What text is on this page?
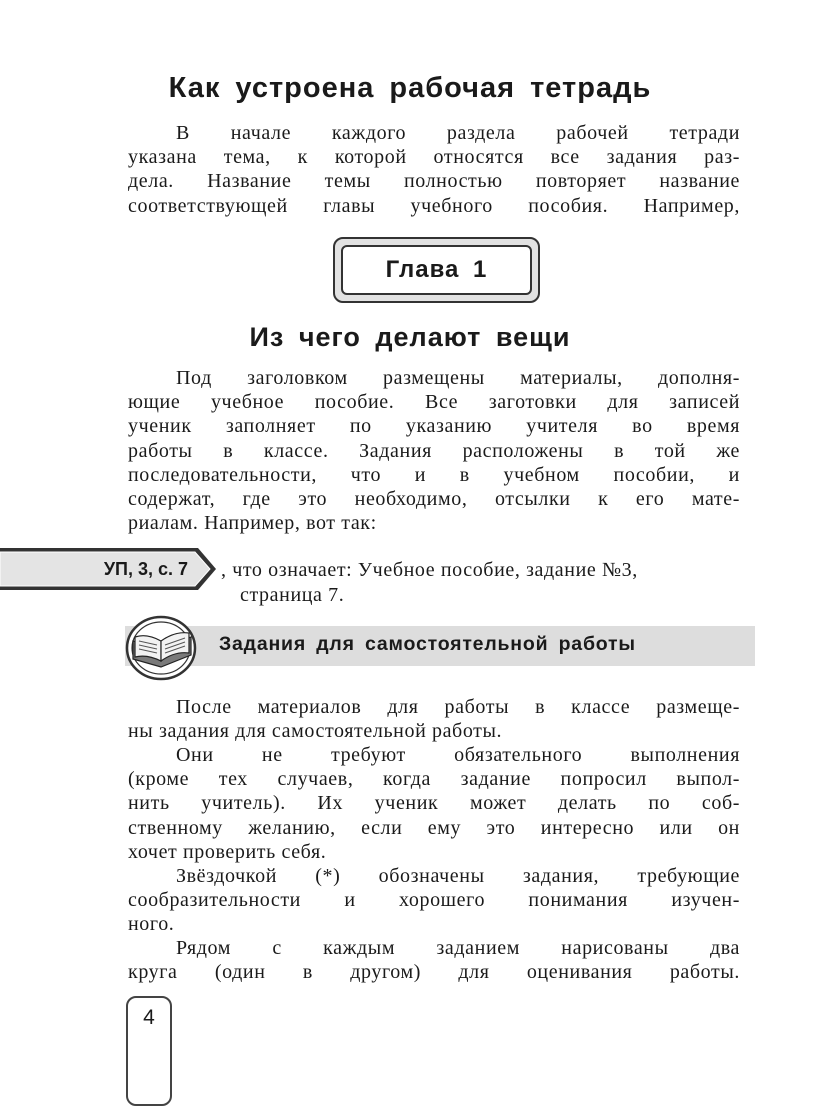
Как устроена рабочая тетрадь
В начале каждого раздела рабочей тетради
указана тема, к которой относятся все задания раз-
дела. Название темы полностью повторяет название
соответствующей главы учебного пособия. Например,
Глава 1
Из чего делают вещи
Под заголовком размещены материалы, дополня-
ющие учебное пособие. Все заготовки для записей
ученик заполняет по указанию учителя во время
работы в классе. Задания расположены в той же
последовательности, что и в учебном пособии, и
содержат, где это необходимо, отсылки к его мате-
риалам. Например, вот так:
УП, 3, с. 7	, что означает: Учебное пособие, задание №3,
страница 7.
Задания для самостоятельной работы
После материалов для работы в классе размеще-
ны задания для самостоятельной работы.
Они не требуют обязательного выполнения
(кроме тех случаев, когда задание попросил выпол-
нить учитель). Их ученик может делать по соб-
ственному желанию, если ему это интересно или он
хочет проверить себя.
Звёздочкой (*) обозначены задания, требующие
сообразительности и хорошего понимания изучен-
ного.
Рядом с каждым заданием нарисованы два
круга (один в другом) для оценивания работы.
4
